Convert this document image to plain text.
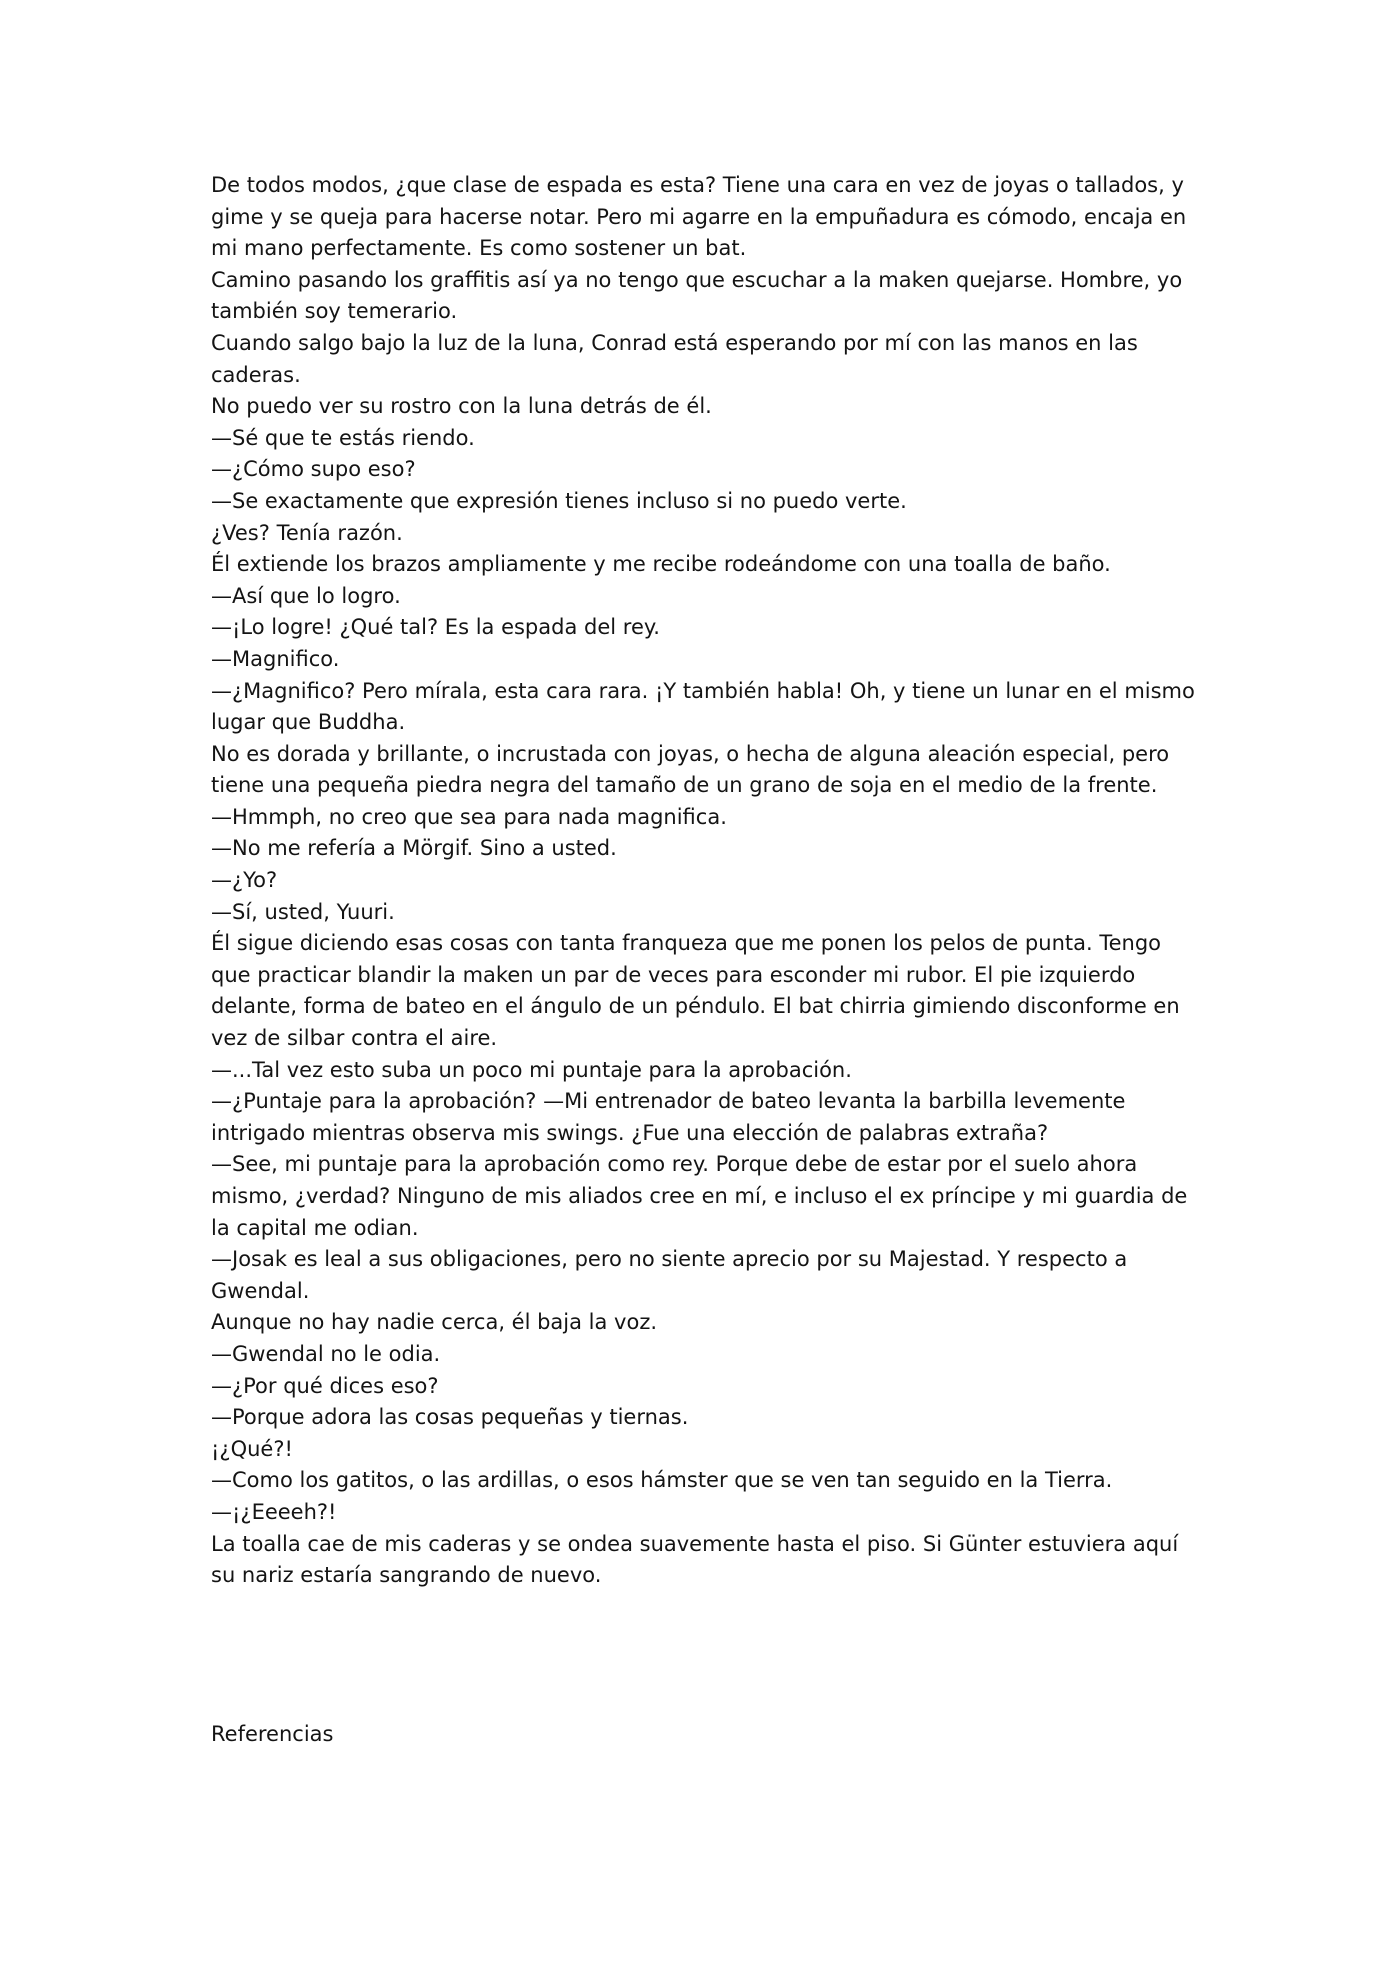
De todos modos, ¿que clase de espada es esta? Tiene una cara en vez de joyas o tallados, y gime y se queja para hacerse notar. Pero mi agarre en la empuñadura es cómodo, encaja en mi mano perfectamente. Es como sostener un bat.

Camino pasando los graffitis así ya no tengo que escuchar a la maken quejarse. Hombre, yo también soy temerario.

Cuando salgo bajo la luz de la luna, Conrad está esperando por mí con las manos en las caderas.

No puedo ver su rostro con la luna detrás de él.

—Sé que te estás riendo.

—¿Cómo supo eso?

—Se exactamente que expresión tienes incluso si no puedo verte.

¿Ves? Tenía razón.

Él extiende los brazos ampliamente y me recibe rodeándome con una toalla de baño.

—Así que lo logro.

—¡Lo logre! ¿Qué tal? Es la espada del rey.

—Magnifico.

—¿Magnifico? Pero mírala, esta cara rara. ¡Y también habla! Oh, y tiene un lunar en el mismo lugar que Buddha.

No es dorada y brillante, o incrustada con joyas, o hecha de alguna aleación especial, pero tiene una pequeña piedra negra del tamaño de un grano de soja en el medio de la frente.

—Hmmph, no creo que sea para nada magnifica.

—No me refería a Mörgif. Sino a usted.

—¿Yo?

—Sí, usted, Yuuri.

Él sigue diciendo esas cosas con tanta franqueza que me ponen los pelos de punta. Tengo que practicar blandir la maken un par de veces para esconder mi rubor. El pie izquierdo delante, forma de bateo en el ángulo de un péndulo. El bat chirria gimiendo disconforme en vez de silbar contra el aire.

—...Tal vez esto suba un poco mi puntaje para la aprobación.

—¿Puntaje para la aprobación? —Mi entrenador de bateo levanta la barbilla levemente intrigado mientras observa mis swings. ¿Fue una elección de palabras extraña?

—See, mi puntaje para la aprobación como rey. Porque debe de estar por el suelo ahora mismo, ¿verdad? Ninguno de mis aliados cree en mí, e incluso el ex príncipe y mi guardia de la capital me odian.

—Josak es leal a sus obligaciones, pero no siente aprecio por su Majestad. Y respecto a Gwendal.

Aunque no hay nadie cerca, él baja la voz.

—Gwendal no le odia.

—¿Por qué dices eso?

—Porque adora las cosas pequeñas y tiernas.

¡¿Qué?!

—Como los gatitos, o las ardillas, o esos hámster que se ven tan seguido en la Tierra.

—¡¿Eeeeh?!

La toalla cae de mis caderas y se ondea suavemente hasta el piso. Si Günter estuviera aquí su nariz estaría sangrando de nuevo.

Referencias
